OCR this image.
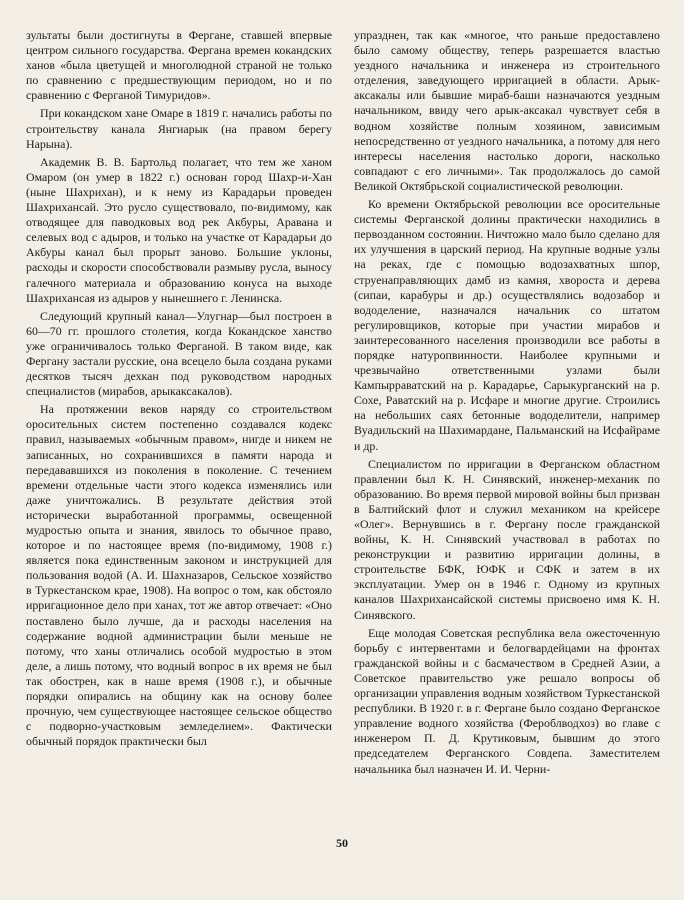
зультаты были достигнуты в Фергане, ставшей впервые центром сильного государства. Фергана времен кокандских ханов «была цветущей и многолюдной страной не только по сравнению с предшествующим периодом, но и по сравнению с Ферганой Тимуридов».

При кокандском хане Омаре в 1819 г. начались работы по строительству канала Янгиарык (на правом берегу Нарына).

Академик В. В. Бартольд полагает, что тем же ханом Омаром (он умер в 1822 г.) основан город Шахр-и-Хан (ныне Шахрихан), и к нему из Карадарьи проведен Шахрихансай. Это русло существовало, по-видимому, как отводящее для паводковых вод рек Акбуры, Аравана и селевых вод с адыров, и только на участке от Карадарьи до Акбуры канал был прорыт заново. Большие уклоны, расходы и скорости способствовали размыву русла, выносу галечного материала и образованию конуса на выходе Шахрихансая из адыров у нынешнего г. Ленинска.

Следующий крупный канал—Улугнар—был построен в 60—70 гг. прошлого столетия, когда Кокандское ханство уже ограничивалось только Ферганой. В таком виде, как Фергану застали русские, она всецело была создана руками десятков тысяч дехкан под руководством народных специалистов (мирабов, арыкаксакалов).

На протяжении веков наряду со строительством оросительных систем постепенно создавался кодекс правил, называемых «обычным правом», нигде и никем не записанных, но сохранившихся в памяти народа и передававшихся из поколения в поколение. С течением времени отдельные части этого кодекса изменялись или даже уничтожались. В результате действия этой исторически выработанной программы, освещенной мудростью опыта и знания, явилось то обычное право, которое и по настоящее время (по-видимому, 1908 г.) является пока единственным законом и инструкцией для пользования водой (А. И. Шахназаров, Сельское хозяйство в Туркестанском крае, 1908). На вопрос о том, как обстояло ирригационное дело при ханах, тот же автор отвечает: «Оно поставлено было лучше, да и расходы населения на содержание водной администрации были меньше не потому, что ханы отличались особой мудростью в этом деле, а лишь потому, что водный вопрос в их время не был так обострен, как в наше время (1908 г.), и обычные порядки опирались на общину как на основу более прочную, чем существующее настоящее сельское общество с подворно-участковым земледелием». Фактически обычный порядок практически был

упразднен, так как «многое, что раньше предоставлено было самому обществу, теперь разрешается властью уездного начальника и инженера из строительного отделения, заведующего ирригацией в области. Арык-аксакалы или бывшие мираб-баши назначаются уездным начальником, ввиду чего арык-аксакал чувствует себя в водном хозяйстве полным хозяином, зависимым непосредственно от уездного начальника, а потому для него интересы населения настолько дороги, насколько совпадают с его личными». Так продолжалось до самой Великой Октябрьской социалистической революции.

Ко времени Октябрьской революции все оросительные системы Ферганской долины практически находились в первозданном состоянии. Ничтожно мало было сделано для их улучшения в царский период. На крупные водные узлы на реках, где с помощью водозахватных шпор, струенаправляющих дамб из камня, хвороста и дерева (сипаи, карабуры и др.) осуществлялись водозабор и вододеление, назначался начальник со штатом регулировщиков, которые при участии мирабов и заинтересованного населения производили все работы в порядке натуропвинности. Наиболее крупными и чрезвычайно ответственными узлами были Кампырраватский на р. Карадарье, Сарыкурганский на р. Сохе, Раватский на р. Исфаре и многие другие. Строились на небольших саях бетонные вододелители, например Вуадильский на Шахимардане, Пальманский на Исфайраме и др.

Специалистом по ирригации в Ферганском областном правлении был К. Н. Синявский, инженер-механик по образованию. Во время первой мировой войны был призван в Балтийский флот и служил механиком на крейсере «Олег». Вернувшись в г. Фергану после гражданской войны, К. Н. Синявский участвовал в работах по реконструкции и развитию ирригации долины, в строительстве БФК, ЮФК и СФК и затем в их эксплуатации. Умер он в 1946 г. Одному из крупных каналов Шахрихансайской системы присвоено имя К. Н. Синявского.

Еще молодая Советская республика вела ожесточенную борьбу с интервентами и белогвардейцами на фронтах гражданской войны и с басмачеством в Средней Азии, а Советское правительство уже решало вопросы об организации управления водным хозяйством Туркестанской республики. В 1920 г. в г. Фергане было создано Ферганское управление водного хозяйства (Фероблводхоз) во главе с инженером П. Д. Крутиковым, бывшим до этого председателем Ферганского Совдепа. Заместителем начальника был назначен И. И. Черни-

50
